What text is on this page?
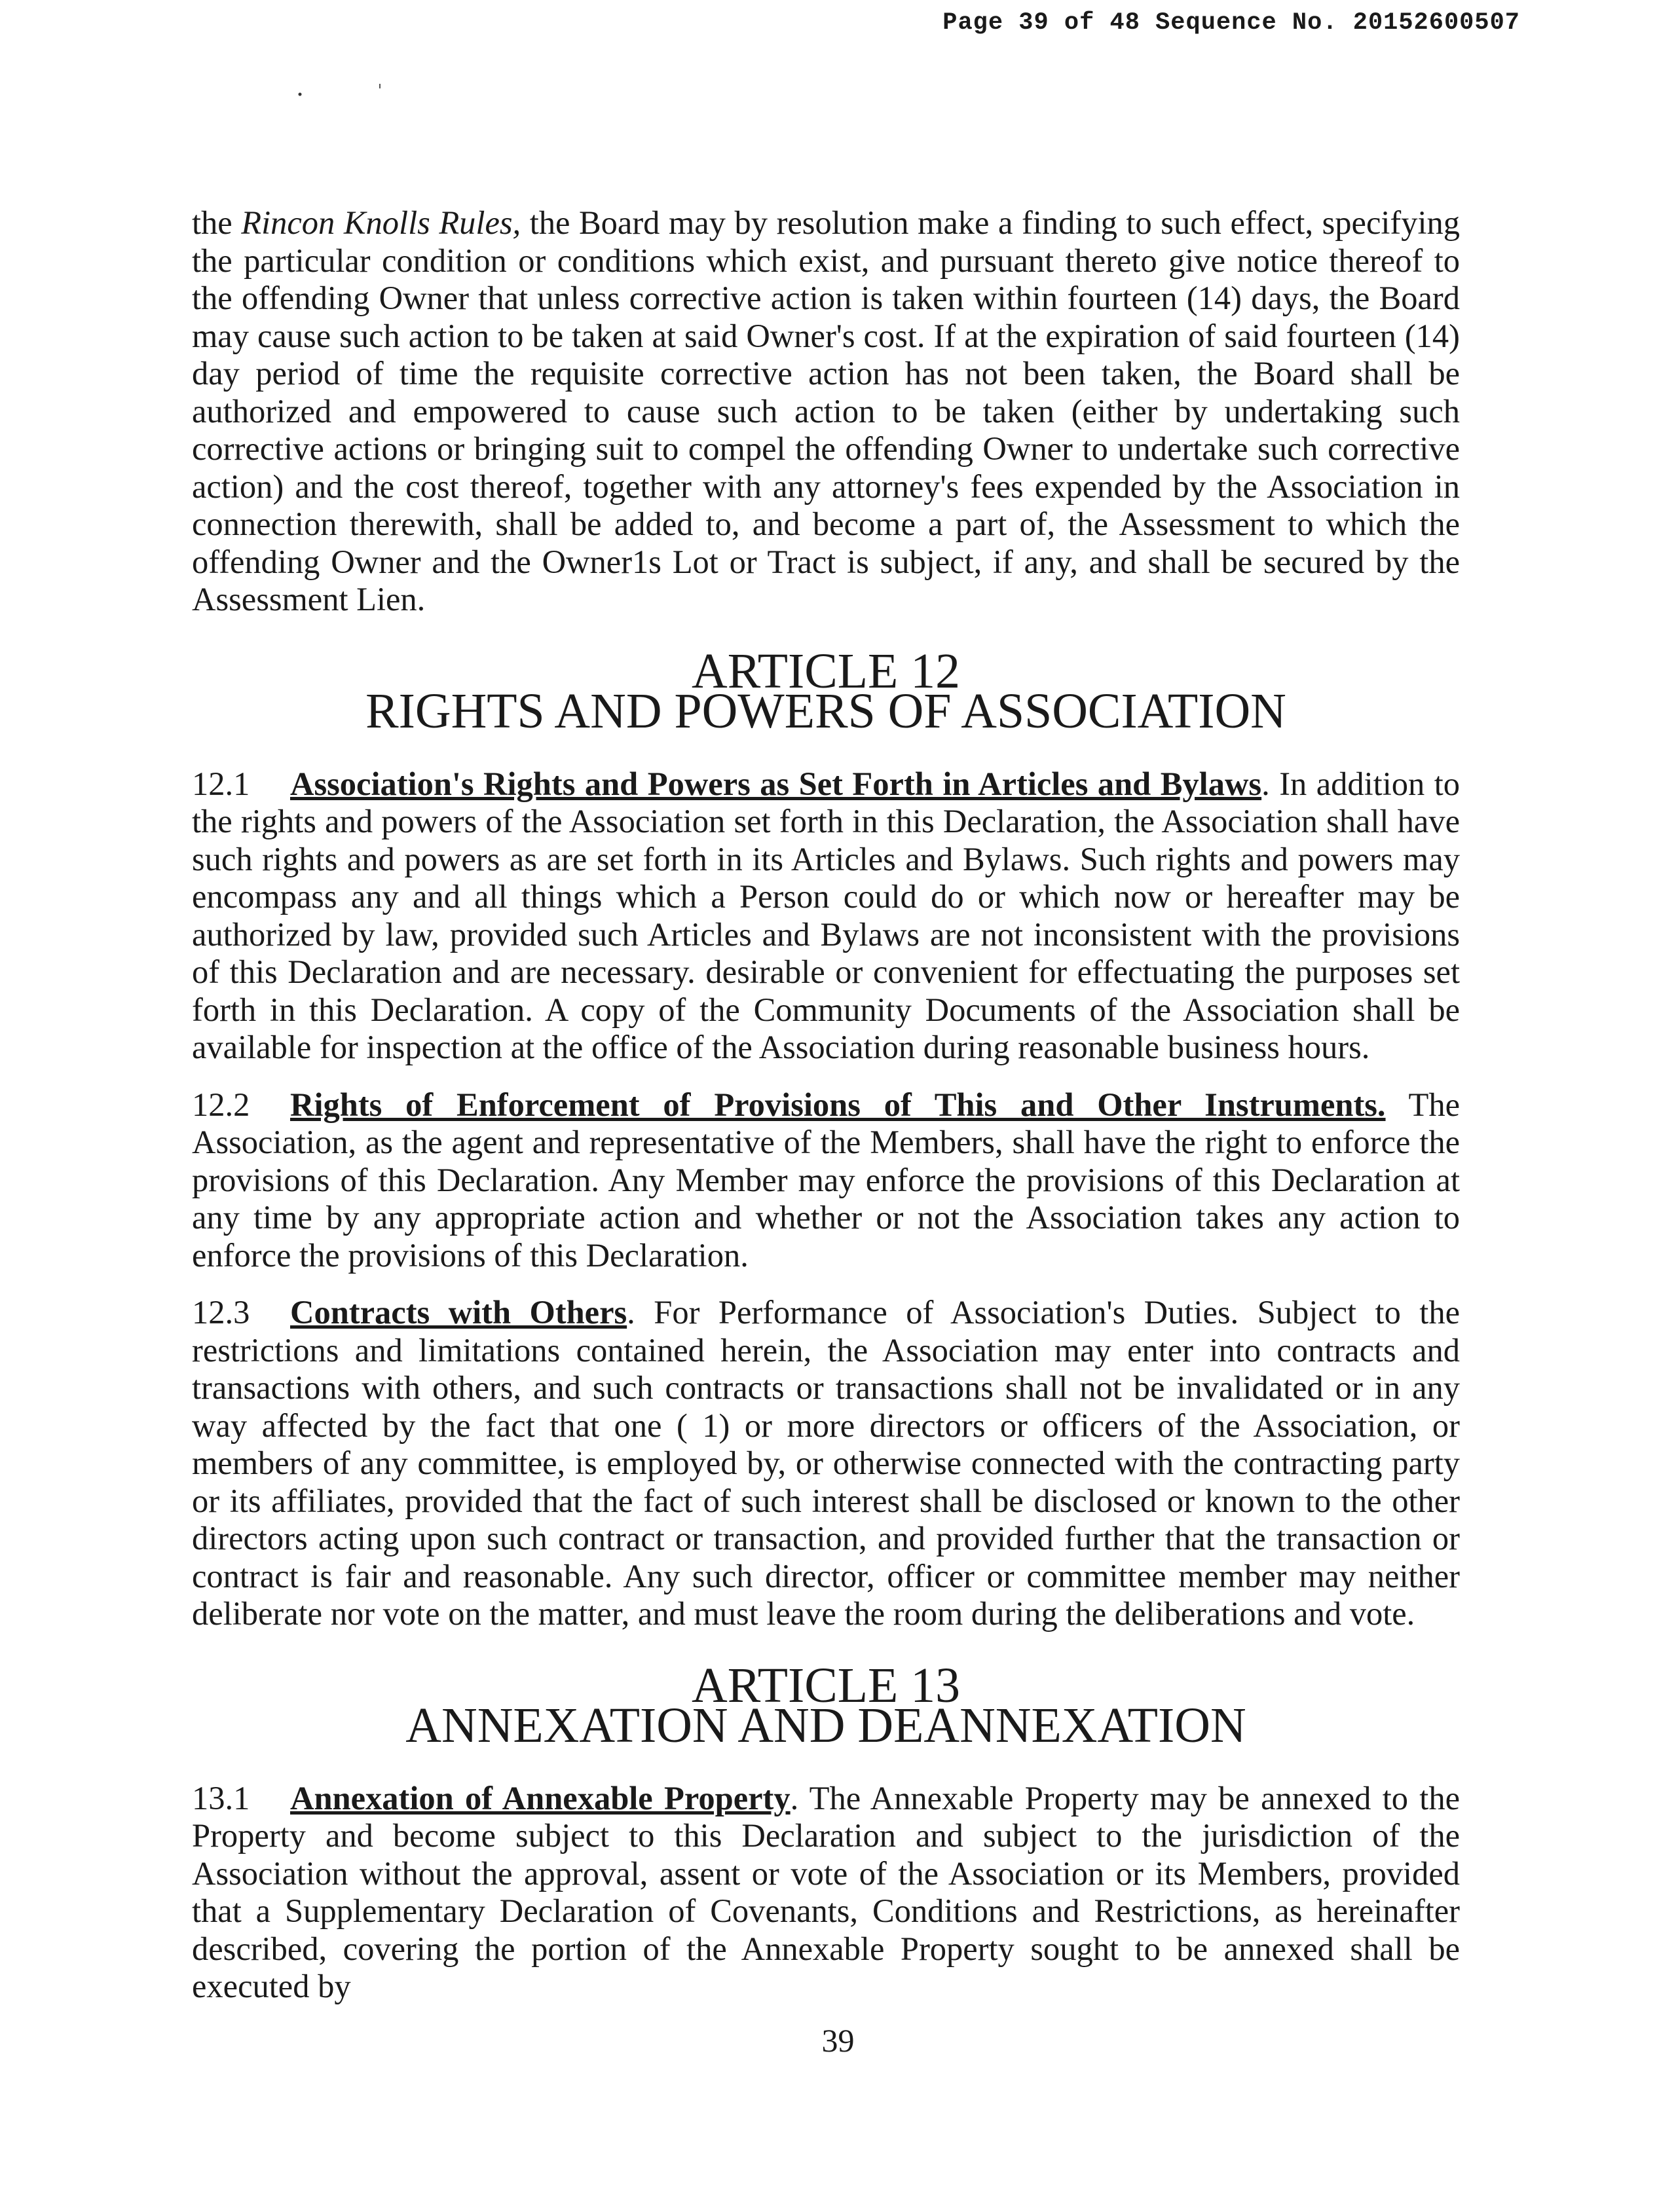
Page 39 of 48 Sequence No. 20152600507

the Rincon Knolls Rules, the Board may by resolution make a finding to such effect, specifying the particular condition or conditions which exist, and pursuant thereto give notice thereof to the offending Owner that unless corrective action is taken within fourteen (14) days, the Board may cause such action to be taken at said Owner's cost. If at the expiration of said fourteen (14) day period of time the requisite corrective action has not been taken, the Board shall be authorized and empowered to cause such action to be taken (either by undertaking such corrective actions or bringing suit to compel the offending Owner to undertake such corrective action) and the cost thereof, together with any attorney's fees expended by the Association in connection therewith, shall be added to, and become a part of, the Assessment to which the offending Owner and the Owner1s Lot or Tract is subject, if any, and shall be secured by the Assessment Lien.

ARTICLE 12
RIGHTS AND POWERS OF ASSOCIATION

12.1 Association's Rights and Powers as Set Forth in Articles and Bylaws. In addition to the rights and powers of the Association set forth in this Declaration, the Association shall have such rights and powers as are set forth in its Articles and Bylaws. Such rights and powers may encompass any and all things which a Person could do or which now or hereafter may be authorized by law, provided such Articles and Bylaws are not inconsistent with the provisions of this Declaration and are necessary. desirable or convenient for effectuating the purposes set forth in this Declaration. A copy of the Community Documents of the Association shall be available for inspection at the office of the Association during reasonable business hours.

12.2 Rights of Enforcement of Provisions of This and Other Instruments. The Association, as the agent and representative of the Members, shall have the right to enforce the provisions of this Declaration. Any Member may enforce the provisions of this Declaration at any time by any appropriate action and whether or not the Association takes any action to enforce the provisions of this Declaration.

12.3 Contracts with Others. For Performance of Association's Duties. Subject to the restrictions and limitations contained herein, the Association may enter into contracts and transactions with others, and such contracts or transactions shall not be invalidated or in any way affected by the fact that one ( 1) or more directors or officers of the Association, or members of any committee, is employed by, or otherwise connected with the contracting party or its affiliates, provided that the fact of such interest shall be disclosed or known to the other directors acting upon such contract or transaction, and provided further that the transaction or contract is fair and reasonable. Any such director, officer or committee member may neither deliberate nor vote on the matter, and must leave the room during the deliberations and vote.

ARTICLE 13
ANNEXATION AND DEANNEXATION

13.1 Annexation of Annexable Property. The Annexable Property may be annexed to the Property and become subject to this Declaration and subject to the jurisdiction of the Association without the approval, assent or vote of the Association or its Members, provided that a Supplementary Declaration of Covenants, Conditions and Restrictions, as hereinafter described, covering the portion of the Annexable Property sought to be annexed shall be executed by

39
